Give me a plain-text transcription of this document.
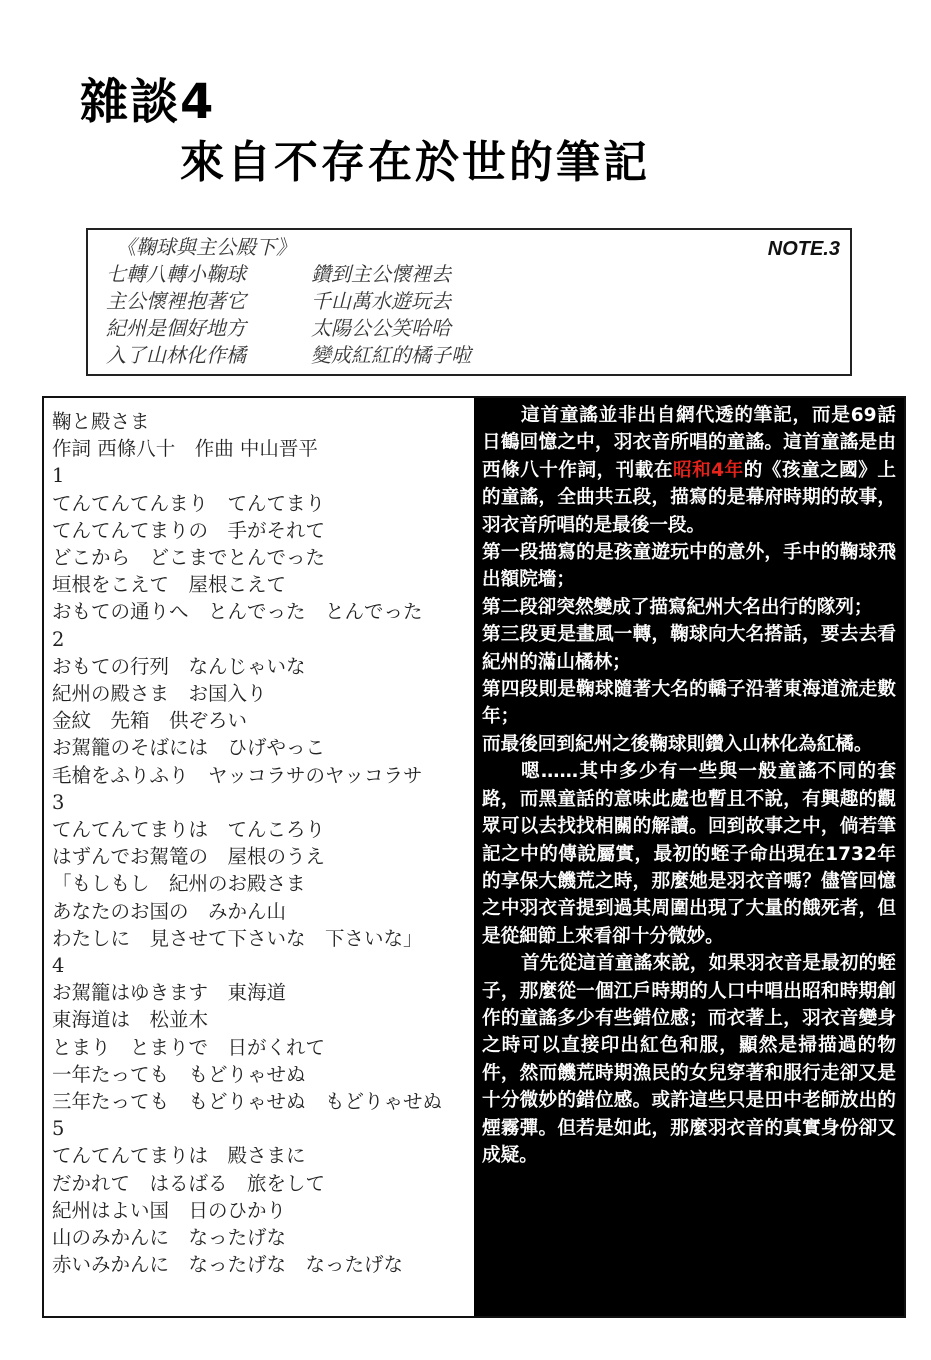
雜談4
來自不存在於世的筆記
NOTE.3
《鞠球與主公殿下》
七轉八轉小鞠球	鑽到主公懷裡去
主公懷裡抱著它	千山萬水遊玩去
紀州是個好地方	太陽公公笑哈哈
入了山林化作橘	變成紅紅的橘子啦
鞠と殿さま
作詞 西條八十　作曲 中山晋平
1
てんてんてんまり　てんてまり
てんてんてまりの　手がそれて
どこから　どこまでとんでった
垣根をこえて　屋根こえて
おもての通りへ　とんでった　とんでった
2
おもての行列　なんじゃいな
紀州の殿さま　お国入り
金紋　先箱　供ぞろい
お駕籠のそばには　ひげやっこ
毛槍をふりふり　ヤッコラサのヤッコラサ
3
てんてんてまりは　てんころり
はずんでお駕篭の　屋根のうえ
「もしもし　紀州のお殿さま
あなたのお国の　みかん山
わたしに　見させて下さいな　下さいな」
4
お駕籠はゆきます　東海道
東海道は　松並木
とまり　とまりで　日がくれて
一年たっても　もどりゃせぬ
三年たっても　もどりゃせぬ　もどりゃせぬ
5
てんてんてまりは　殿さまに
だかれて　はるばる　旅をして
紀州はよい国　日のひかり
山のみかんに　なったげな
赤いみかんに　なったげな　なったげな

這首童謠並非出自網代透的筆記，而是69話日鶴回憶之中，羽衣音所唱的童謠。這首童謠是由西條八十作詞，刊載在昭和4年的《孩童之國》上的童謠，全曲共五段，描寫的是幕府時期的故事，羽衣音所唱的是最後一段。

第一段描寫的是孩童遊玩中的意外，手中的鞠球飛出額院墻；

第二段卻突然變成了描寫紀州大名出行的隊列；

第三段更是畫風一轉，鞠球向大名搭話，要去去看紀州的滿山橘林；

第四段則是鞠球隨著大名的轎子沿著東海道流走數年；

而最後回到紀州之後鞠球則鑽入山林化為紅橘。

嗯……其中多少有一些與一般童謠不同的套路，而黑童話的意味此處也暫且不說，有興趣的觀眾可以去找找相關的解讀。回到故事之中，倘若筆記之中的傳說屬實，最初的蛭子命出現在1732年的享保大饑荒之時，那麼她是羽衣音嗎？儘管回憶之中羽衣音提到過其周圍出現了大量的餓死者，但是從細節上來看卻十分微妙。

首先從這首童謠來說，如果羽衣音是最初的蛭子，那麼從一個江戶時期的人口中唱出昭和時期創作的童謠多少有些錯位感；而衣著上，羽衣音變身之時可以直接印出紅色和服，顯然是掃描過的物件，然而饑荒時期漁民的女兒穿著和服行走卻又是十分微妙的錯位感。或許這些只是田中老師放出的煙霧彈。但若是如此，那麼羽衣音的真實身份卻又成疑。
